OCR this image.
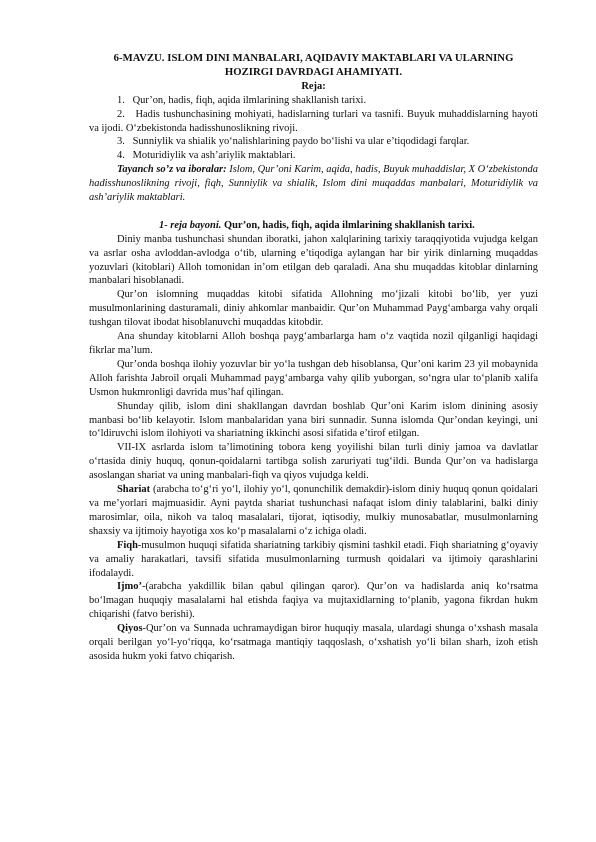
6-MAVZU. ISLOM DINI MANBALARI, AQIDAVIY MAKTABLARI VA ULARNING HOZIRGI DAVRDAGI AHAMIYATI.

Reja:

1. Qur’on, hadis, fiqh, aqida ilmlarining shakllanish tarixi.

2. Hadis tushunchasining mohiyati, hadislarning turlari va tasnifi. Buyuk muhaddislarning hayoti va ijodi. O‘zbekistonda hadisshunoslikning rivoji.

3. Sunniylik va shialik yo‘nalishlarining paydo bo‘lishi va ular e’tiqodidagi farqlar.

4. Moturidiylik va ash’ariylik maktablari.

Tayanch so’z va iboralar: Islom, Qur’oni Karim, aqida, hadis, Buyuk muhaddislar, X O‘zbekistonda hadisshunoslikning rivoji, fiqh, Sunniylik va shialik, Islom dini muqaddas manbalari, Moturidiylik va ash’ariylik maktablari.

1- reja bayoni. Qur’on, hadis, fiqh, aqida ilmlarining shakllanish tarixi.

Diniy manba tushunchasi shundan iboratki, jahon xalqlarining tarixiy taraqqiyotida vujudga kelgan va asrlar osha avloddan-avlodga o‘tib, ularning e’tiqodiga aylangan har bir yirik dinlarning muqaddas yozuvlari (kitoblari) Alloh tomonidan in’om etilgan deb qaraladi. Ana shu muqaddas kitoblar dinlarning manbalari hisoblanadi.

Qur’on islomning muqaddas kitobi sifatida Allohning mo‘jizali kitobi bo‘lib, yer yuzi musulmonlarining dasturamali, diniy ahkomlar manbaidir. Qur’on Muhammad Payg‘ambarga vahy orqali tushgan tilovat ibodat hisoblanuvchi muqaddas kitobdir.

Ana shunday kitoblarni Alloh boshqa payg‘ambarlarga ham o‘z vaqtida nozil qilganligi haqidagi fikrlar ma’lum.

Qur’onda boshqa ilohiy yozuvlar bir yo‘la tushgan deb hisoblansa, Qur’oni karim 23 yil mobaynida Alloh farishta Jabroil orqali Muhammad payg‘ambarga vahy qilib yuborgan, so‘ngra ular to‘planib xalifa Usmon hukmronligi davrida mus’haf qilingan.

Shunday qilib, islom dini shakllangan davrdan boshlab Qur’oni Karim islom dinining asosiy manbasi bo‘lib kelayotir. Islom manbalaridan yana biri sunnadir. Sunna islomda Qur’ondan keyingi, uni to‘ldiruvchi islom ilohiyoti va shariatning ikkinchi asosi sifatida e’tirof etilgan.

VII-IX asrlarda islom ta’limotining tobora keng yoyilishi bilan turli diniy jamoa va davlatlar o‘rtasida diniy huquq, qonun-qoidalarni tartibga solish zaruriyati tug‘ildi. Bunda Qur’on va hadislarga asoslangan shariat va uning manbalari-fiqh va qiyos vujudga keldi.

Shariat (arabcha to‘g‘ri yo‘l, ilohiy yo‘l, qonunchilik demakdir)-islom diniy huquq qonun qoidalari va me’yorlari majmuasidir. Ayni paytda shariat tushunchasi nafaqat islom diniy talablarini, balki diniy marosimlar, oila, nikoh va taloq masalalari, tijorat, iqtisodiy, mulkiy munosabatlar, musulmonlarning shaxsiy va ijtimoiy hayotiga xos ko‘p masalalarni o‘z ichiga oladi.

Fiqh-musulmon huquqi sifatida shariatning tarkibiy qismini tashkil etadi. Fiqh shariatning g‘oyaviy va amaliy harakatlari, tavsifi sifatida musulmonlarning turmush qoidalari va ijtimoiy qarashlarini ifodalaydi.

Ijmo’-(arabcha yakdillik bilan qabul qilingan qaror). Qur’on va hadislarda aniq ko‘rsatma bo‘lmagan huquqiy masalalarni hal etishda faqiya va mujtaxidlarning to‘planib, yagona fikrdan hukm chiqarishi (fatvo berishi).

Qiyos-Qur’on va Sunnada uchramaydigan biror huquqiy masala, ulardagi shunga o‘xshash masala orqali berilgan yo‘l-yo‘riqqa, ko‘rsatmaga mantiqiy taqqoslash, o‘xshatish yo‘li bilan sharh, izoh etish asosida hukm yoki fatvo chiqarish.
